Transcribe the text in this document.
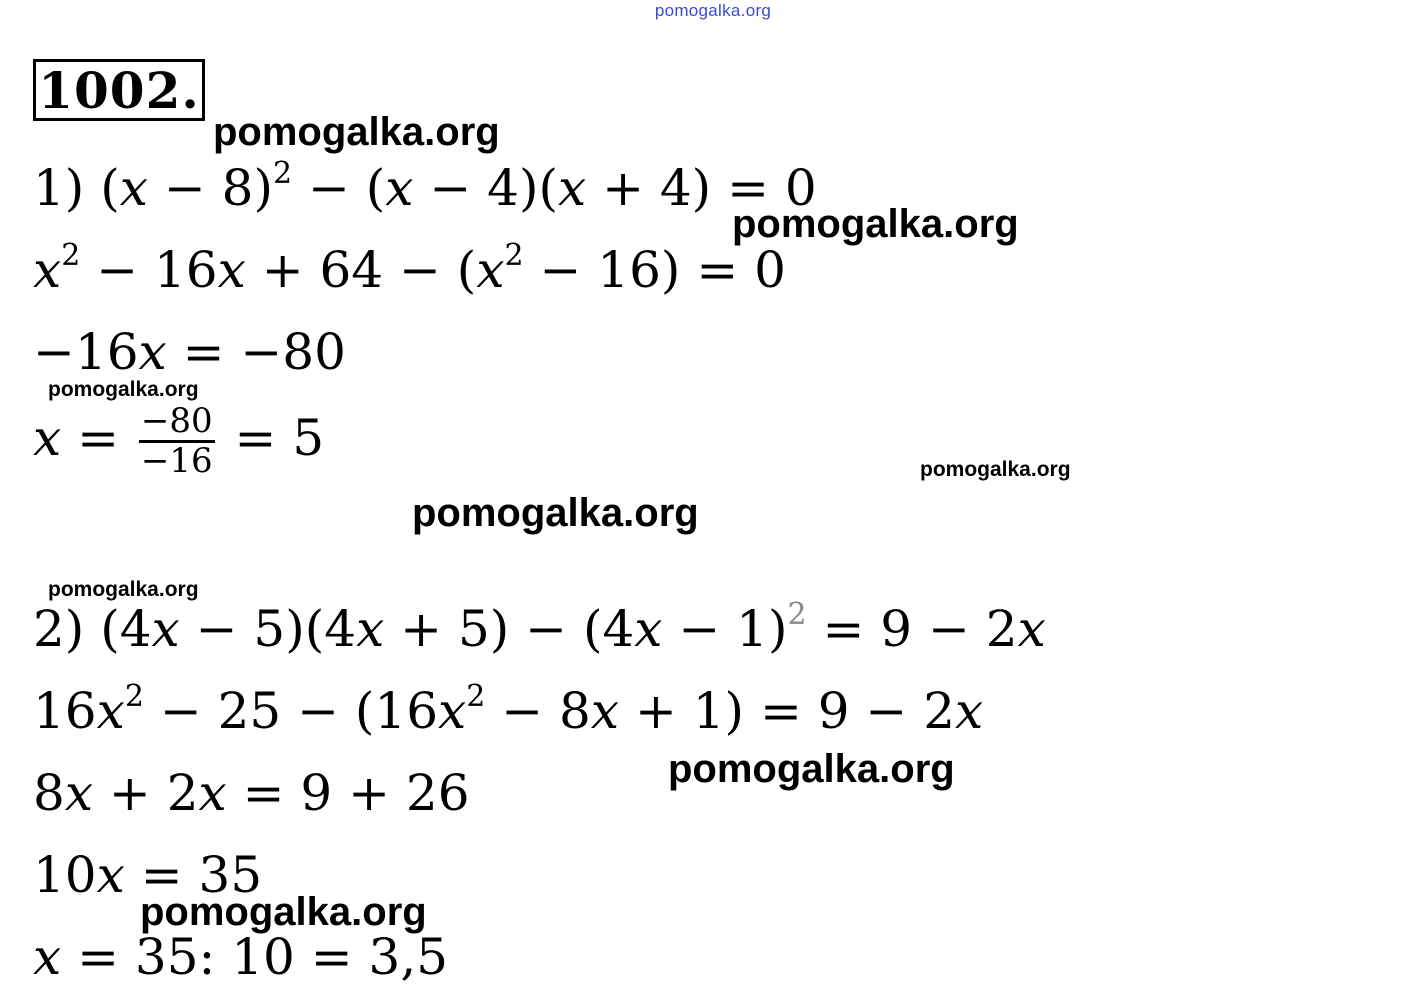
pomogalka.org
1002.
pomogalka.org
pomogalka.org
pomogalka.org
pomogalka.org
pomogalka.org
pomogalka.org
pomogalka.org
pomogalka.org
1) $(x - 8)^2 - (x - 4)(x + 4) = 0$
$x^2 - 16x + 64 - (x^2 - 16) = 0$
−16x = −80
$x = \frac{-80}{-16} = 5$
2) $(4x - 5)(4x + 5) - (4x - 1)^2 = 9 - 2x$
$16x^2 - 25 - (16x^2 - 8x + 1) = 9 - 2x$
8x + 2x = 9 + 26
10x = 35
x = 35: 10 = 3,5
